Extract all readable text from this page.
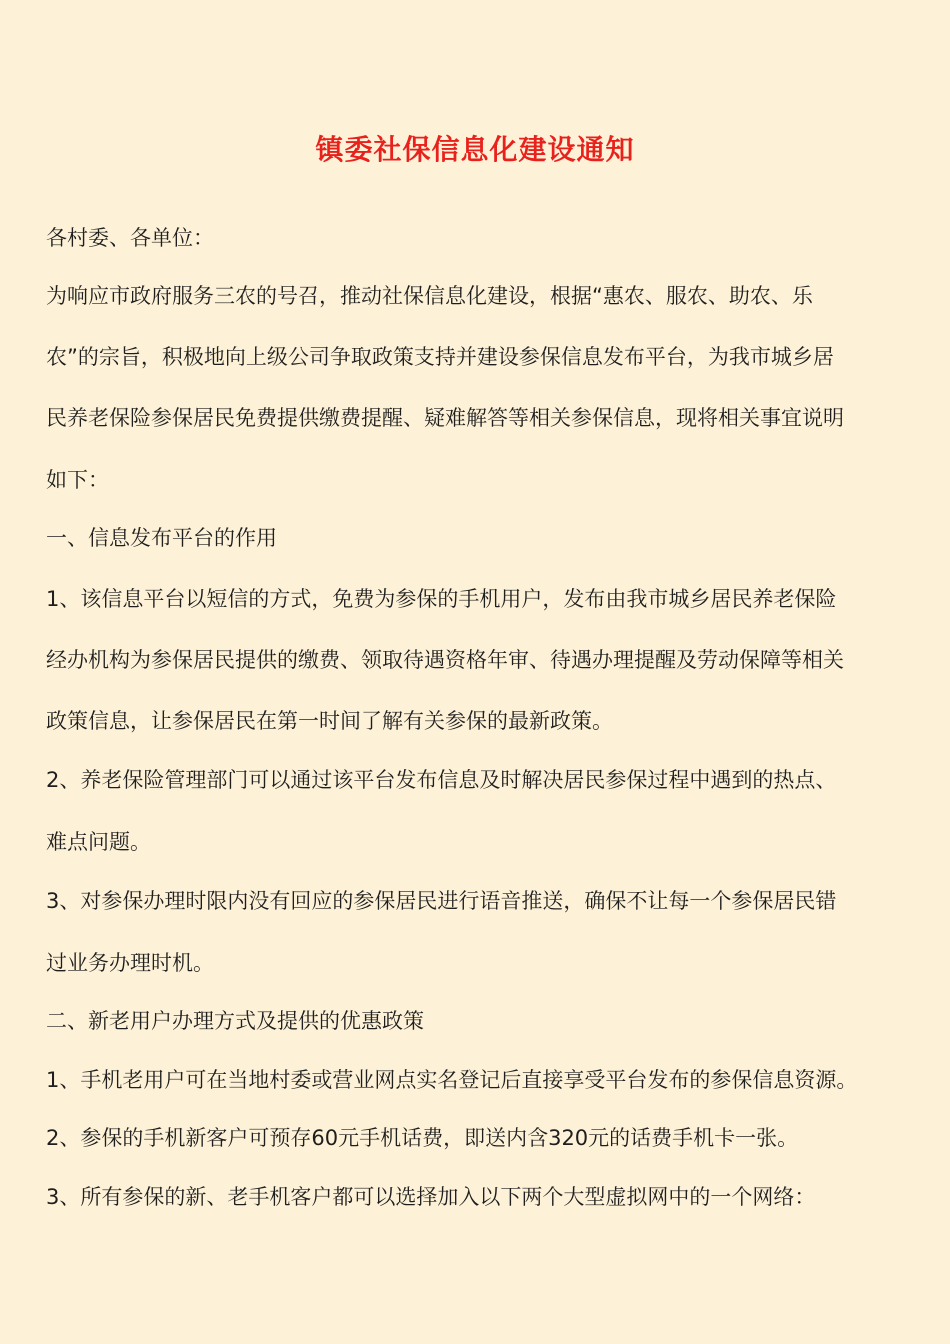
镇委社保信息化建设通知

各村委、各单位：

为响应市政府服务三农的号召，推动社保信息化建设，根据“惠农、服农、助农、乐

农”的宗旨，积极地向上级公司争取政策支持并建设参保信息发布平台，为我市城乡居

民养老保险参保居民免费提供缴费提醒、疑难解答等相关参保信息，现将相关事宜说明

如下：

一、信息发布平台的作用

1、该信息平台以短信的方式，免费为参保的手机用户，发布由我市城乡居民养老保险

经办机构为参保居民提供的缴费、领取待遇资格年审、待遇办理提醒及劳动保障等相关

政策信息，让参保居民在第一时间了解有关参保的最新政策。

2、养老保险管理部门可以通过该平台发布信息及时解决居民参保过程中遇到的热点、

难点问题。

3、对参保办理时限内没有回应的参保居民进行语音推送，确保不让每一个参保居民错

过业务办理时机。

二、新老用户办理方式及提供的优惠政策

1、手机老用户可在当地村委或营业网点实名登记后直接享受平台发布的参保信息资源。

2、参保的手机新客户可预存60元手机话费，即送内含320元的话费手机卡一张。

3、所有参保的新、老手机客户都可以选择加入以下两个大型虚拟网中的一个网络：
